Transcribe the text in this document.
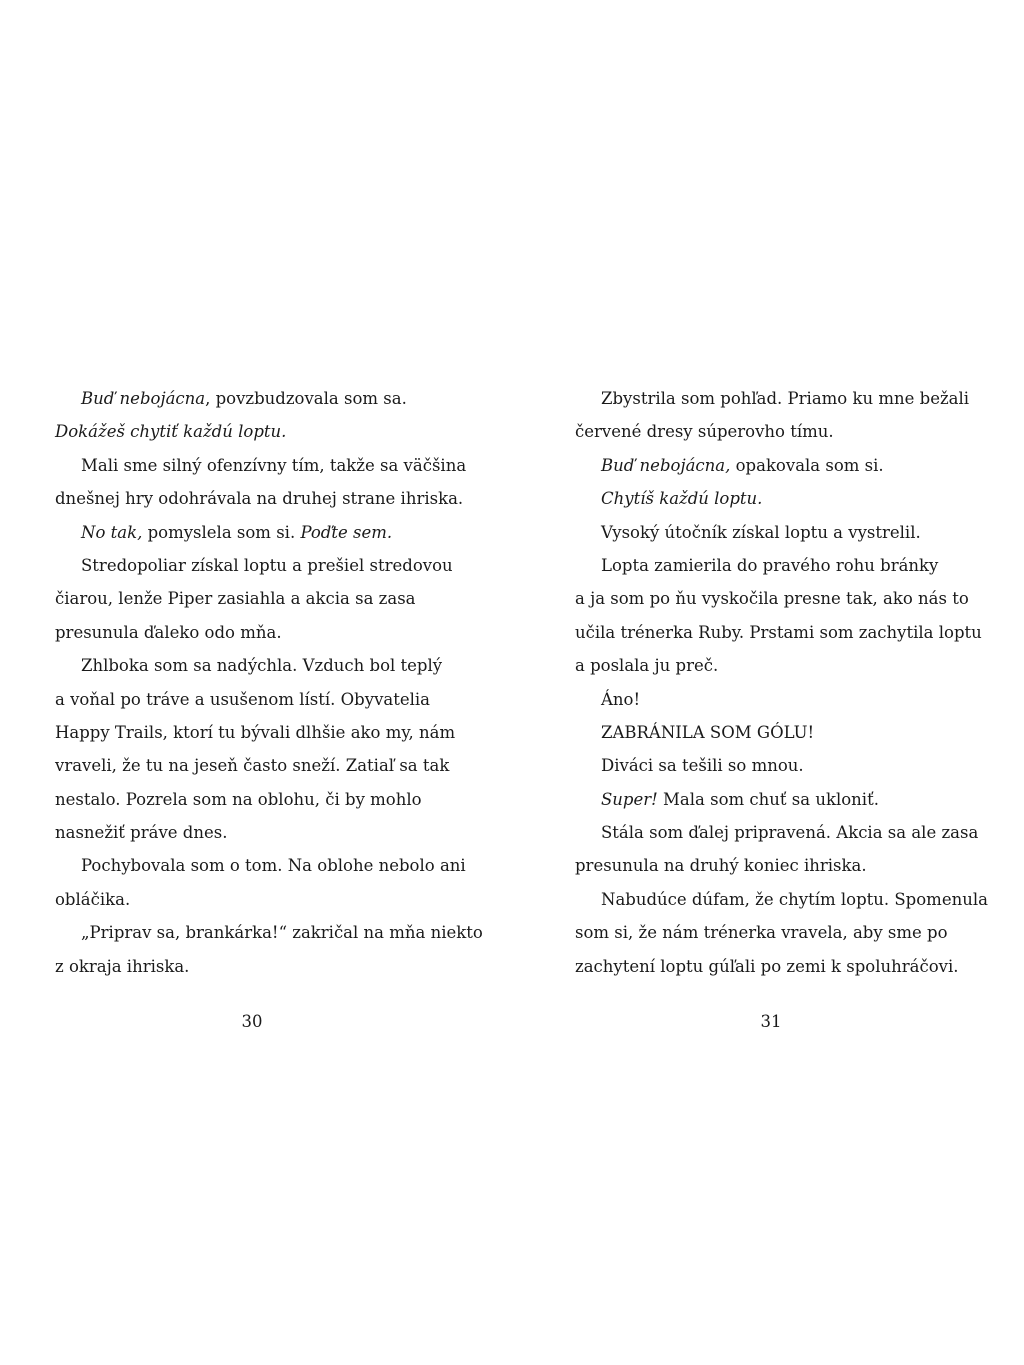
Buď nebojácna, povzbudzovala som sa.
Dokážeš chytiť každú loptu.
Mali sme silný ofenzívny tím, takže sa väčšina
dnešnej hry odohrávala na druhej strane ihriska.
No tak, pomyslela som si. Poďte sem.
Stredopoliar získal loptu a prešiel stredovou
čiarou, lenže Piper zasiahla a akcia sa zasa
presunula ďaleko odo mňa.
Zhlboka som sa nadýchla. Vzduch bol teplý
a voňal po tráve a usušenom lístí. Obyvatelia
Happy Trails, ktorí tu bývali dlhšie ako my, nám
vraveli, že tu na jeseň často sneží. Zatiaľ sa tak
nestalo. Pozrela som na oblohu, či by mohlo
nasnežiť práve dnes.
Pochybovala som o tom. Na oblohe nebolo ani
obláčika.
„Priprav sa, brankárka!“ zakričal na mňa niekto
z okraja ihriska.
30
Zbystrila som pohľad. Priamo ku mne bežali
červené dresy súperovho tímu.
Buď nebojácna, opakovala som si.
Chytíš každú loptu.
Vysoký útočník získal loptu a vystrelil.
Lopta zamierila do pravého rohu bránky
a ja som po ňu vyskočila presne tak, ako nás to
učila trénerka Ruby. Prstami som zachytila loptu
a poslala ju preč.
Áno!
ZABRÁNILA SOM GÓLU!
Diváci sa tešili so mnou.
Super! Mala som chuť sa ukloniť.
Stála som ďalej pripravená. Akcia sa ale zasa
presunula na druhý koniec ihriska.
Nabudúce dúfam, že chytím loptu. Spomenula
som si, že nám trénerka vravela, aby sme po
zachytení loptu gúľali po zemi k spoluhráčovi.
31
